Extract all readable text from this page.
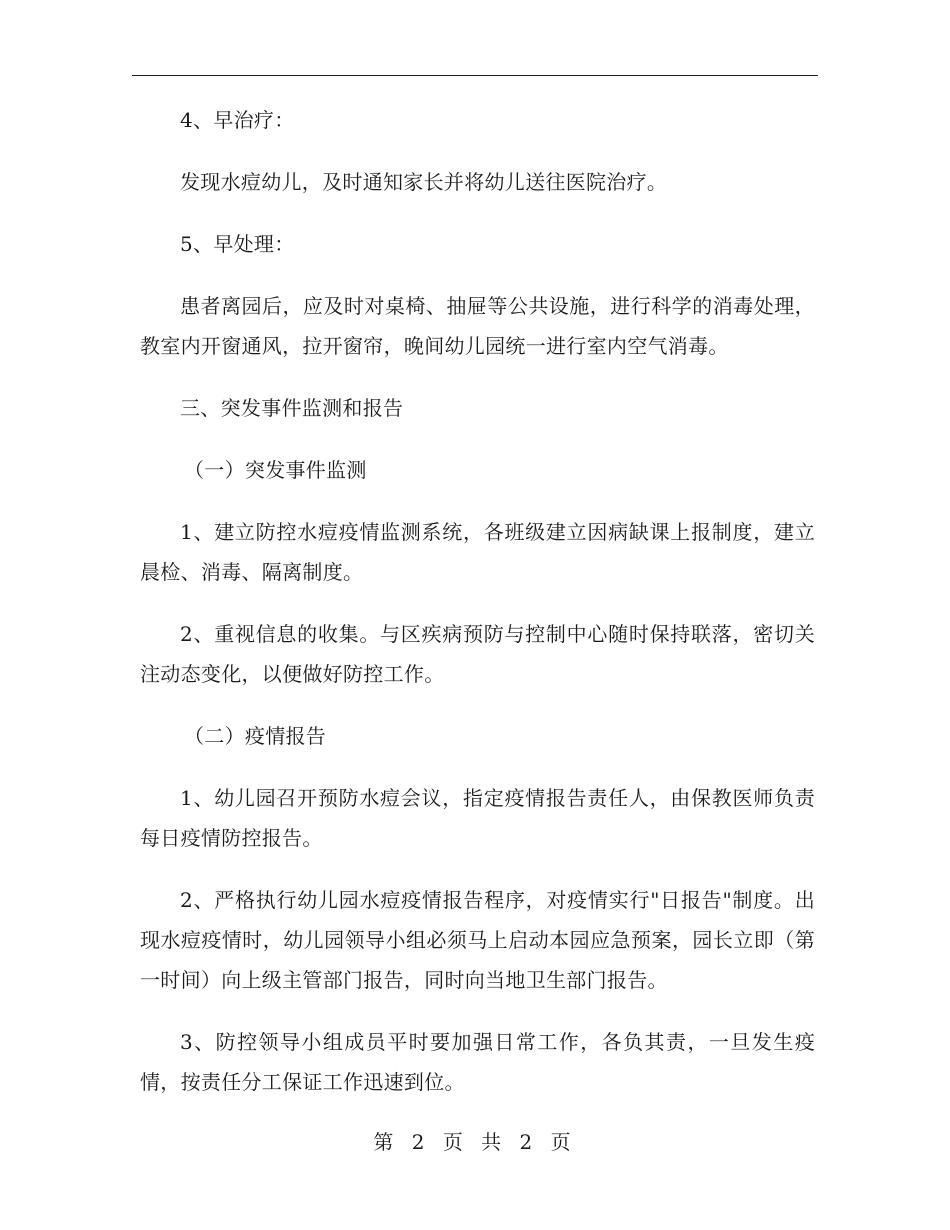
4、早治疗：

发现水痘幼儿，及时通知家长并将幼儿送往医院治疗。

5、早处理：

患者离园后，应及时对桌椅、抽屉等公共设施，进行科学的消毒处理，教室内开窗通风，拉开窗帘，晚间幼儿园统一进行室内空气消毒。

三、突发事件监测和报告

（一）突发事件监测

1、建立防控水痘疫情监测系统，各班级建立因病缺课上报制度，建立晨检、消毒、隔离制度。

2、重视信息的收集。与区疾病预防与控制中心随时保持联落，密切关注动态变化，以便做好防控工作。

（二）疫情报告

1、幼儿园召开预防水痘会议，指定疫情报告责任人，由保教医师负责每日疫情防控报告。

2、严格执行幼儿园水痘疫情报告程序，对疫情实行"日报告"制度。出现水痘疫情时，幼儿园领导小组必须马上启动本园应急预案，园长立即（第一时间）向上级主管部门报告，同时向当地卫生部门报告。

3、防控领导小组成员平时要加强日常工作，各负其责，一旦发生疫情，按责任分工保证工作迅速到位。

第 2 页 共 2 页
